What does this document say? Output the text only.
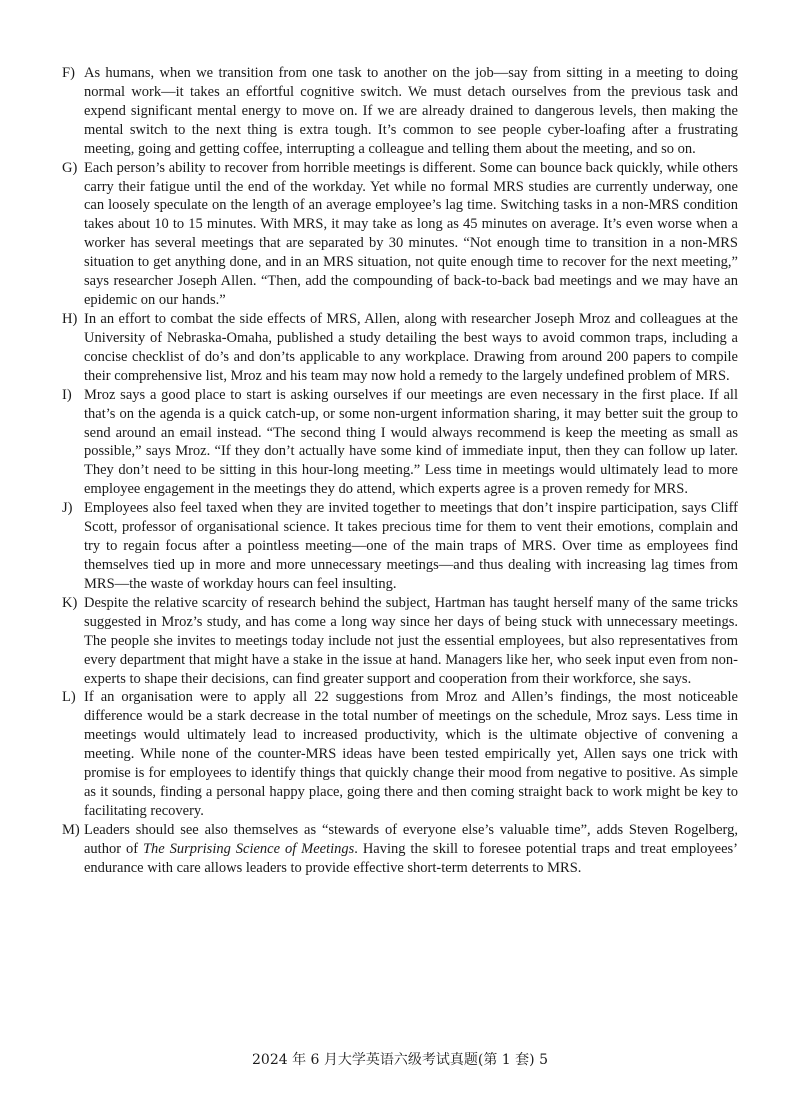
F) As humans, when we transition from one task to another on the job—say from sitting in a meeting to doing normal work—it takes an effortful cognitive switch. We must detach ourselves from the previous task and expend significant mental energy to move on. If we are already drained to dangerous levels, then making the mental switch to the next thing is extra tough. It’s common to see people cyber-loafing after a frustrating meeting, going and getting coffee, interrupting a colleague and telling them about the meeting, and so on.

G) Each person’s ability to recover from horrible meetings is different. Some can bounce back quickly, while others carry their fatigue until the end of the workday. Yet while no formal MRS studies are currently underway, one can loosely speculate on the length of an average employee’s lag time. Switching tasks in a non-MRS condition takes about 10 to 15 minutes. With MRS, it may take as long as 45 minutes on average. It’s even worse when a worker has several meetings that are separated by 30 minutes. “Not enough time to transition in a non-MRS situation to get anything done, and in an MRS situation, not quite enough time to recover for the next meeting,” says researcher Joseph Allen. “Then, add the compounding of back-to-back bad meetings and we may have an epidemic on our hands.”

H) In an effort to combat the side effects of MRS, Allen, along with researcher Joseph Mroz and colleagues at the University of Nebraska-Omaha, published a study detailing the best ways to avoid common traps, including a concise checklist of do’s and don’ts applicable to any workplace. Drawing from around 200 papers to compile their comprehensive list, Mroz and his team may now hold a remedy to the largely undefined problem of MRS.

I) Mroz says a good place to start is asking ourselves if our meetings are even necessary in the first place. If all that’s on the agenda is a quick catch-up, or some non-urgent information sharing, it may better suit the group to send around an email instead. “The second thing I would always recommend is keep the meeting as small as possible,” says Mroz. “If they don’t actually have some kind of immediate input, then they can follow up later. They don’t need to be sitting in this hour-long meeting.” Less time in meetings would ultimately lead to more employee engagement in the meetings they do attend, which experts agree is a proven remedy for MRS.

J) Employees also feel taxed when they are invited together to meetings that don’t inspire participation, says Cliff Scott, professor of organisational science. It takes precious time for them to vent their emotions, complain and try to regain focus after a pointless meeting—one of the main traps of MRS. Over time as employees find themselves tied up in more and more unnecessary meetings—and thus dealing with increasing lag times from MRS—the waste of workday hours can feel insulting.

K) Despite the relative scarcity of research behind the subject, Hartman has taught herself many of the same tricks suggested in Mroz’s study, and has come a long way since her days of being stuck with unnecessary meetings. The people she invites to meetings today include not just the essential employees, but also representatives from every department that might have a stake in the issue at hand. Managers like her, who seek input even from non-experts to shape their decisions, can find greater support and cooperation from their workforce, she says.

L) If an organisation were to apply all 22 suggestions from Mroz and Allen’s findings, the most noticeable difference would be a stark decrease in the total number of meetings on the schedule, Mroz says. Less time in meetings would ultimately lead to increased productivity, which is the ultimate objective of convening a meeting. While none of the counter-MRS ideas have been tested empirically yet, Allen says one trick with promise is for employees to identify things that quickly change their mood from negative to positive. As simple as it sounds, finding a personal happy place, going there and then coming straight back to work might be key to facilitating recovery.

M) Leaders should see also themselves as “stewards of everyone else’s valuable time”, adds Steven Rogelberg, author of The Surprising Science of Meetings. Having the skill to foresee potential traps and treat employees’ endurance with care allows leaders to provide effective short-term deterrents to MRS.

2024 年 6 月大学英语六级考试真题(第 1 套) 5
